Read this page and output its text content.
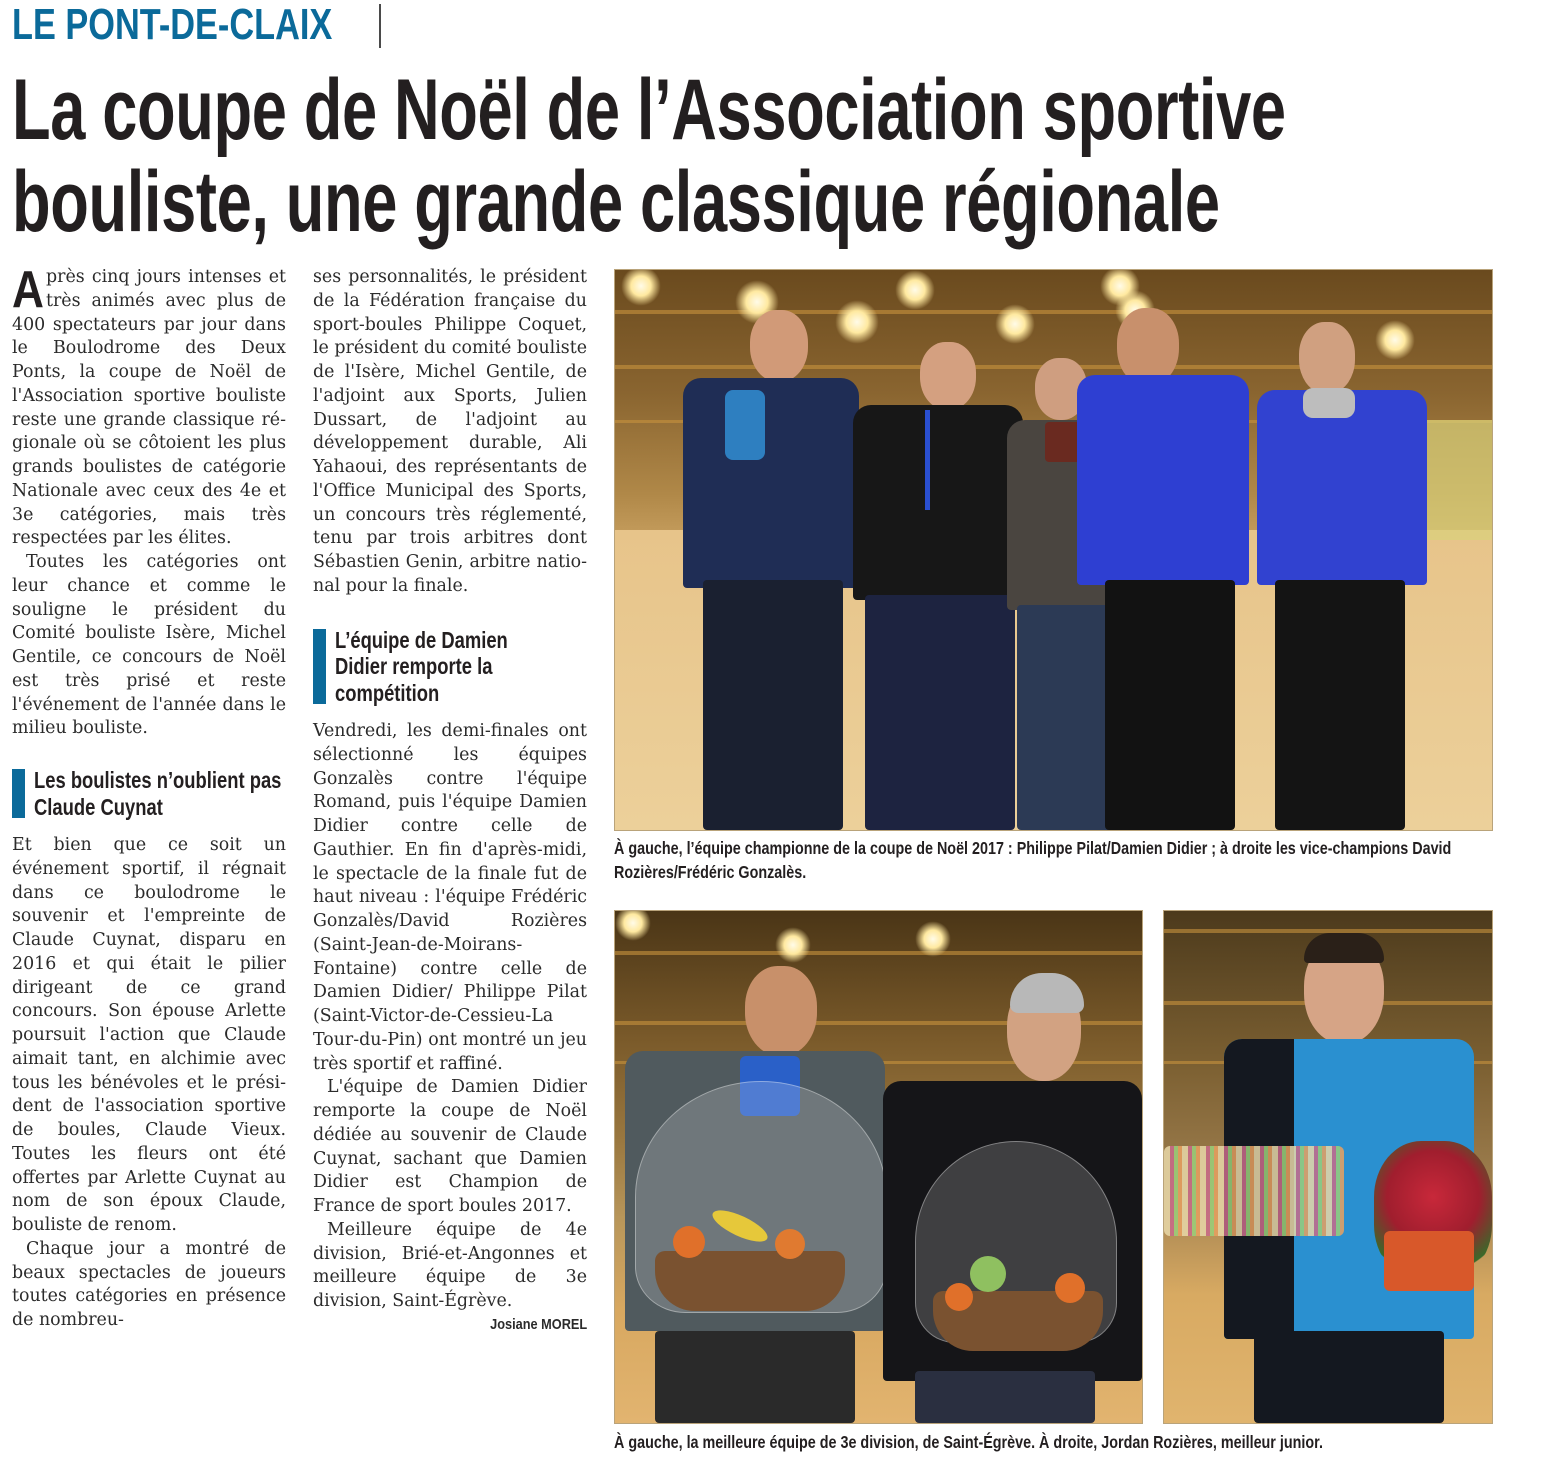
LE PONT-DE-CLAIX
La coupe de Noël de l’Association sportive
bouliste, une grande classique régionale

Après cinq jours intenses et très animés avec plus de 400 spectateurs par jour dans le Boulodrome des Deux Ponts, la coupe de Noël de l'Association sportive bouliste reste une grande classique régionale où se côtoient les plus grands boulistes de catégorie Nationale avec ceux des 4e et 3e catégories, mais très respectées par les élites.

Toutes les catégories ont leur chance et comme le souligne le président du Comité bouliste Isère, Michel Gentile, ce concours de Noël est très prisé et reste l'événement de l'année dans le milieu bouliste.

Les boulistes n’oublient pas Claude Cuynat

Et bien que ce soit un événement sportif, il régnait dans ce boulodrome le souvenir et l'empreinte de Claude Cuynat, disparu en 2016 et qui était le pilier dirigeant de ce grand concours. Son épouse Arlette poursuit l'action que Claude aimait tant, en alchimie avec tous les bénévoles et le président de l'association sportive de boules, Claude Vieux. Toutes les fleurs ont été offertes par Arlette Cuynat au nom de son époux Claude, bouliste de renom.

Chaque jour a montré de beaux spectacles de joueurs toutes catégories en présence de nombreu-

ses personnalités, le président de la Fédération française du sport-boules Philippe Coquet, le président du comité bouliste de l'Isère, Michel Gentile, de l'adjoint aux Sports, Julien Dussart, de l'adjoint au développement durable, Ali Yahaoui, des représentants de l'Office Municipal des Sports, un concours très réglementé, tenu par trois arbitres dont Sébastien Genin, arbitre national pour la finale.

L’équipe de Damien Didier remporte la compétition

Vendredi, les demi-finales ont sélectionné les équipes Gonzalès contre l'équipe Romand, puis l'équipe Damien Didier contre celle de Gauthier. En fin d'après-midi, le spectacle de la finale fut de haut niveau : l'équipe Frédéric Gonzalès/David Rozières (Saint-Jean-de-Moirans-Fontaine) contre celle de Damien Didier/ Philippe Pilat (Saint-Victor-de-Cessieu-La Tour-du-Pin) ont montré un jeu très sportif et raffiné.

L'équipe de Damien Didier remporte la coupe de Noël dédiée au souvenir de Claude Cuynat, sachant que Damien Didier est Champion de France de sport boules 2017.

Meilleure équipe de 4e division, Brié-et-Angonnes et meilleure équipe de 3e division, Saint-Égrève.

Josiane MOREL
À gauche, l’équipe championne de la coupe de Noël 2017 : Philippe Pilat/Damien Didier ; à droite les vice-champions David Rozières/Frédéric Gonzalès.
À gauche, la meilleure équipe de 3e division, de Saint-Égrève. À droite, Jordan Rozières, meilleur junior.
